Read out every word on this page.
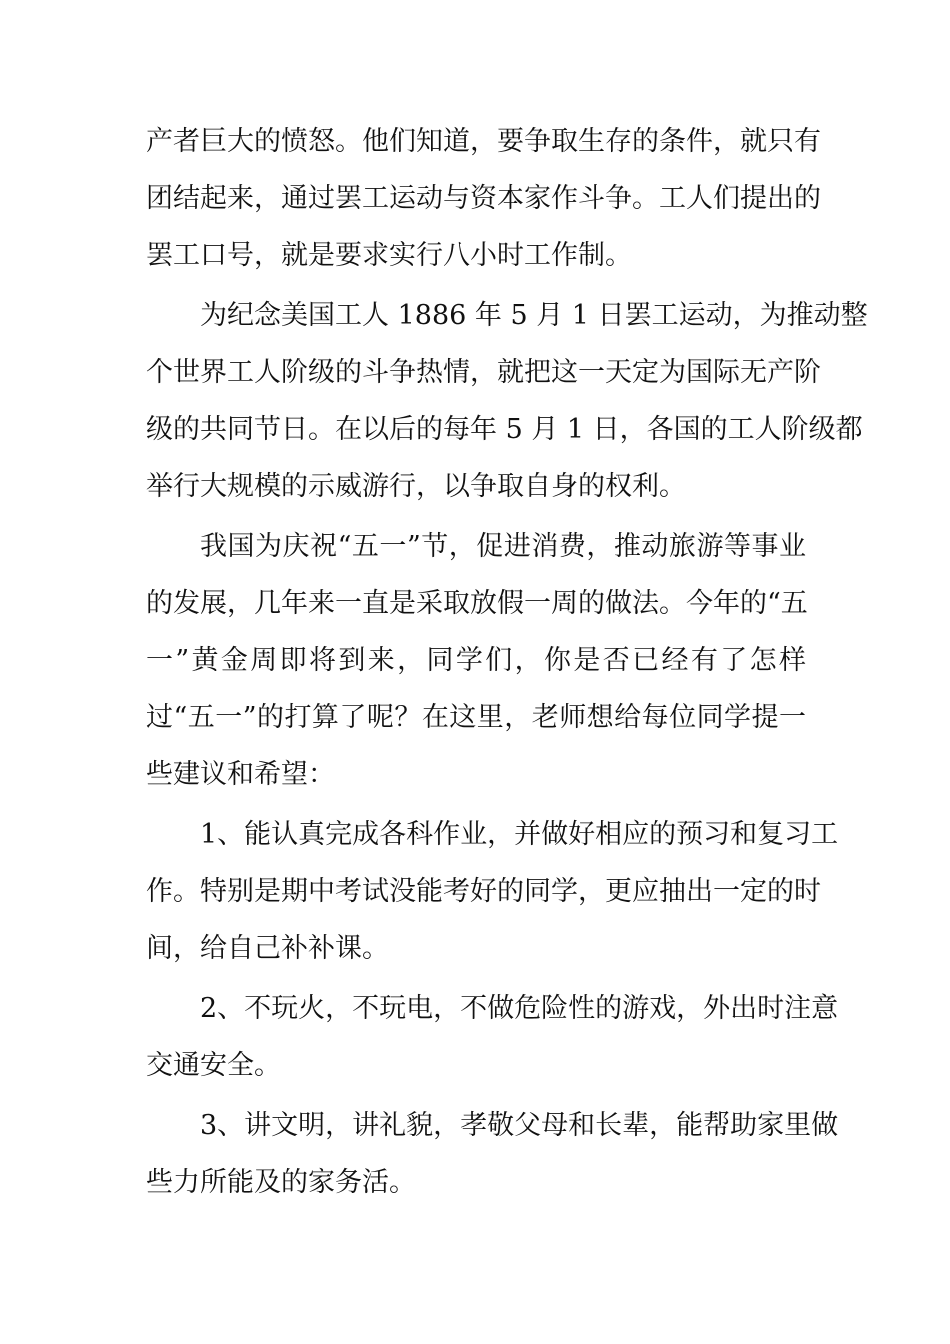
产者巨大的愤怒。他们知道，要争取生存的条件，就只有

团结起来，通过罢工运动与资本家作斗争。工人们提出的

罢工口号，就是要求实行八小时工作制。

为纪念美国工人 1886 年 5 月 1 日罢工运动，为推动整

个世界工人阶级的斗争热情，就把这一天定为国际无产阶

级的共同节日。在以后的每年 5 月 1 日，各国的工人阶级都

举行大规模的示威游行，以争取自身的权利。

我国为庆祝“五一”节，促进消费，推动旅游等事业

的发展，几年来一直是采取放假一周的做法。今年的“五

一”黄金周即将到来，同学们，你是否已经有了怎样

过“五一”的打算了呢？在这里，老师想给每位同学提一

些建议和希望：

1、能认真完成各科作业，并做好相应的预习和复习工

作。特别是期中考试没能考好的同学，更应抽出一定的时

间，给自己补补课。

2、不玩火，不玩电，不做危险性的游戏，外出时注意

交通安全。

3、讲文明，讲礼貌，孝敬父母和长辈，能帮助家里做

些力所能及的家务活。
